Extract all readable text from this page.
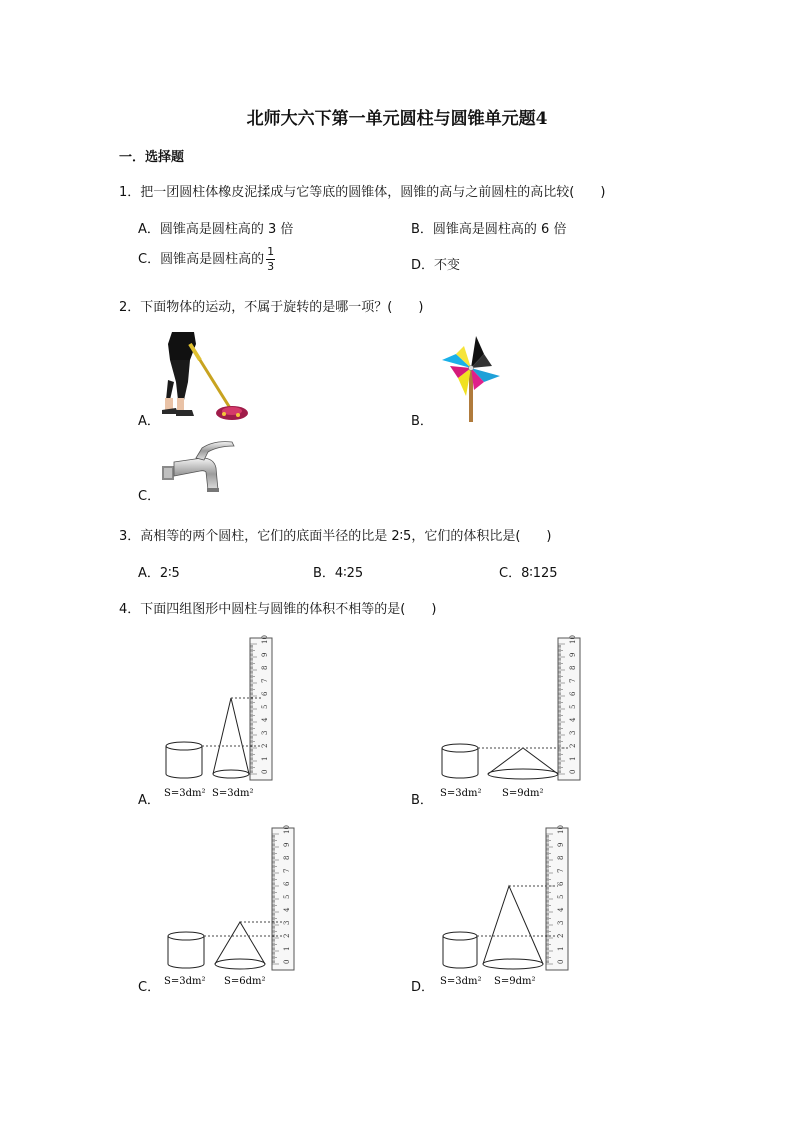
北师大六下第一单元圆柱与圆锥单元题4
一．选择题
1．把一团圆柱体橡皮泥揉成与它等底的圆锥体，圆锥的高与之前圆柱的高比较(　　)
A．圆锥高是圆柱高的 3 倍	B．圆锥高是圆柱高的 6 倍
C．圆锥高是圆柱高的 $\frac{1}{3}$	D．不变
2．下面物体的运动，不属于旋转的是哪一项？(　　)
A．	B．
C．
3．高相等的两个圆柱，它们的底面半径的比是 2∶5，它们的体积比是(　　)
A．2∶5	B．4∶25	C．8∶125
4．下面四组图形中圆柱与圆锥的体积不相等的是(　　)
A．	B．
C．	D．
0
1
2
3
4
5
6
7
8
9
10
S=3dm² S=3dm²
0
1
2
3
4
5
6
7
8
9
10
S=3dm² S=9dm²
0
1
2
3
4
5
6
7
8
9
10
S=3dm² S=6dm²
0
1
2
3
4
5
6
7
8
9
10
S=3dm² S=9dm²
